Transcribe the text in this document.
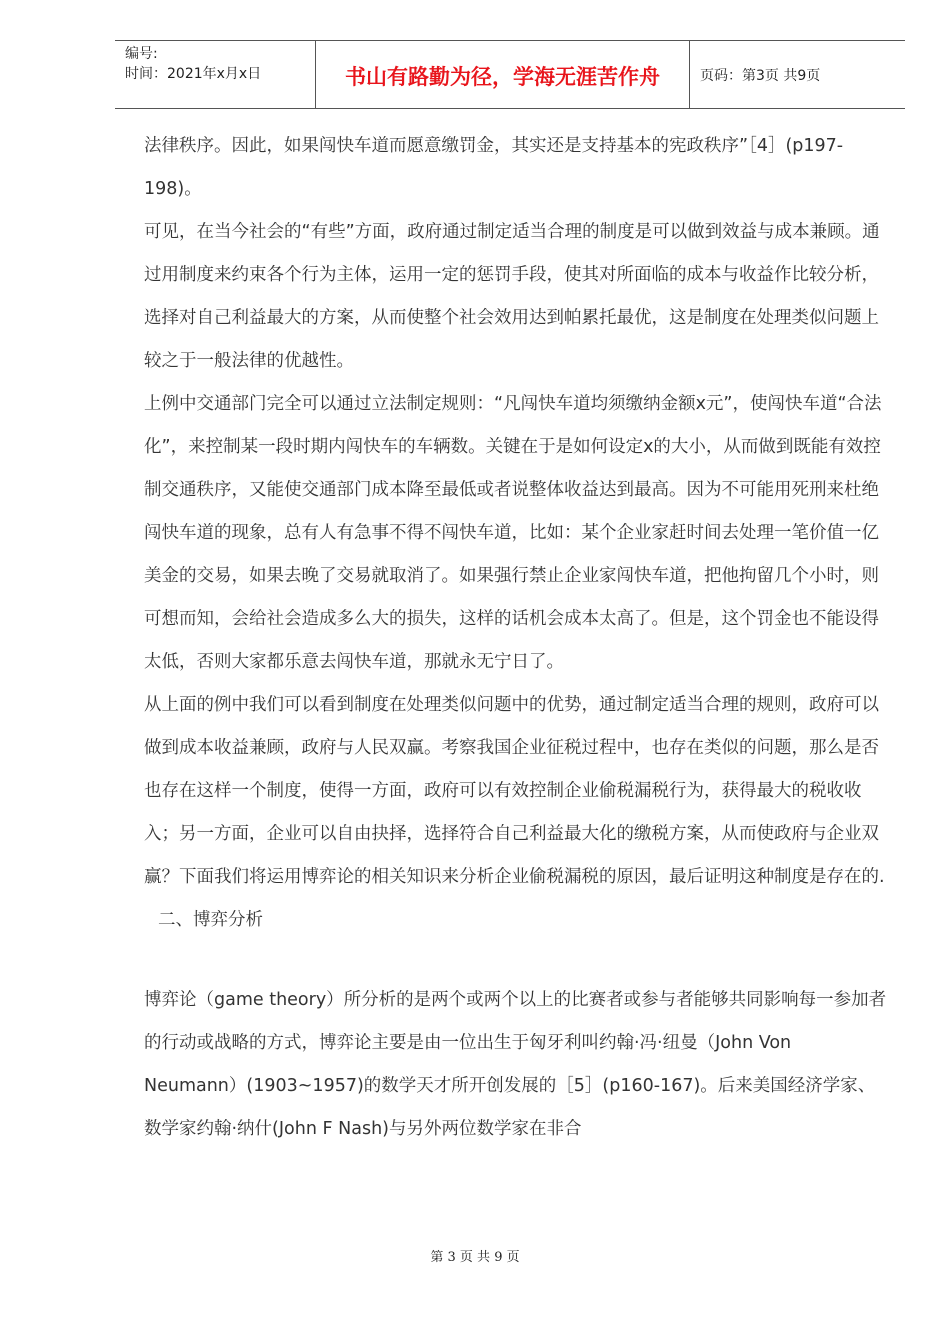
编号:
时间：2021年x月x日	书山有路勤为径，学海无涯苦作舟	页码：第3页 共9页

法律秩序。因此，如果闯快车道而愿意缴罚金，其实还是支持基本的宪政秩序”［4］(p197-198)。

可见，在当今社会的“有些”方面，政府通过制定适当合理的制度是可以做到效益与成本兼顾。通过用制度来约束各个行为主体，运用一定的惩罚手段，使其对所面临的成本与收益作比较分析，选择对自己利益最大的方案，从而使整个社会效用达到帕累托最优，这是制度在处理类似问题上较之于一般法律的优越性。

上例中交通部门完全可以通过立法制定规则：“凡闯快车道均须缴纳金额x元”，使闯快车道“合法化”，来控制某一段时期内闯快车的车辆数。关键在于是如何设定x的大小，从而做到既能有效控制交通秩序，又能使交通部门成本降至最低或者说整体收益达到最高。因为不可能用死刑来杜绝闯快车道的现象，总有人有急事不得不闯快车道，比如：某个企业家赶时间去处理一笔价值一亿美金的交易，如果去晚了交易就取消了。如果强行禁止企业家闯快车道，把他拘留几个小时，则可想而知，会给社会造成多么大的损失，这样的话机会成本太高了。但是，这个罚金也不能设得太低，否则大家都乐意去闯快车道，那就永无宁日了。

从上面的例中我们可以看到制度在处理类似问题中的优势，通过制定适当合理的规则，政府可以做到成本收益兼顾，政府与人民双赢。考察我国企业征税过程中，也存在类似的问题，那么是否也存在这样一个制度，使得一方面，政府可以有效控制企业偷税漏税行为，获得最大的税收收入；另一方面，企业可以自由抉择，选择符合自己利益最大化的缴税方案，从而使政府与企业双赢？下面我们将运用博弈论的相关知识来分析企业偷税漏税的原因，最后证明这种制度是存在的.

二、博弈分析

博弈论（game theory）所分析的是两个或两个以上的比赛者或参与者能够共同影响每一参加者的行动或战略的方式，博弈论主要是由一位出生于匈牙利叫约翰·冯·纽曼（John Von Neumann）(1903~1957)的数学天才所开创发展的［5］(p160-167)。后来美国经济学家、数学家约翰·纳什(John F Nash)与另外两位数学家在非合

第 3 页 共 9 页
